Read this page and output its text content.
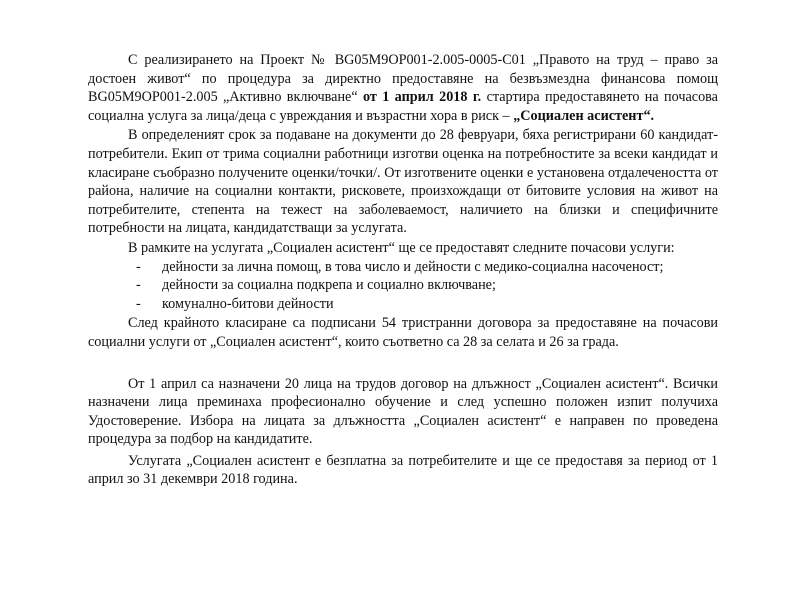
С реализирането на Проект № BG05M9OP001-2.005-0005-C01 „Правото на труд – право за достоен живот“ по процедура за директно предоставяне на безвъзмездна финансова помощ BG05M9OP001-2.005 „Активно включване“ от 1 април 2018 г. стартира предоставянето на почасова социална услуга за лица/деца с увреждания и възрастни хора в риск – „Социален асистент“.

В определеният срок за подаване на документи до 28 февруари, бяха регистрирани 60 кандидат-потребители. Екип от трима социални работници изготви оценка на потребностите за всеки кандидат и класиране съобразно получените оценки/точки/. От изготвените оценки е установена отдалечеността от района, наличие на социални контакти, рисковете, произхождащи от битовите условия на живот на потребителите, степента на тежест на заболеваемост, наличието на близки и специфичните потребности на лицата, кандидатстващи за услугата.

В рамките на услугата „Социален асистент“ ще се предоставят следните почасови услуги:

- дейности за лична помощ, в това число и дейности с медико-социална насоченост;
- дейности за социална подкрепа и социално включване;
- комунално-битови дейности

След крайното класиране са подписани 54 тристранни договора за предоставяне на почасови социални услуги от „Социален асистент“, които съответно са 28 за селата и 26 за града.

От 1 април са назначени 20 лица на трудов договор на длъжност „Социален асистент“. Всички назначени лица преминаха професионално обучение и след успешно положен изпит получиха Удостоверение. Избора на лицата за длъжността „Социален асистент“ е направен по проведена процедура за подбор на кандидатите.

Услугата „Социален асистент е безплатна за потребителите и ще се предоставя за период от 1 април зо 31 декември 2018 година.
